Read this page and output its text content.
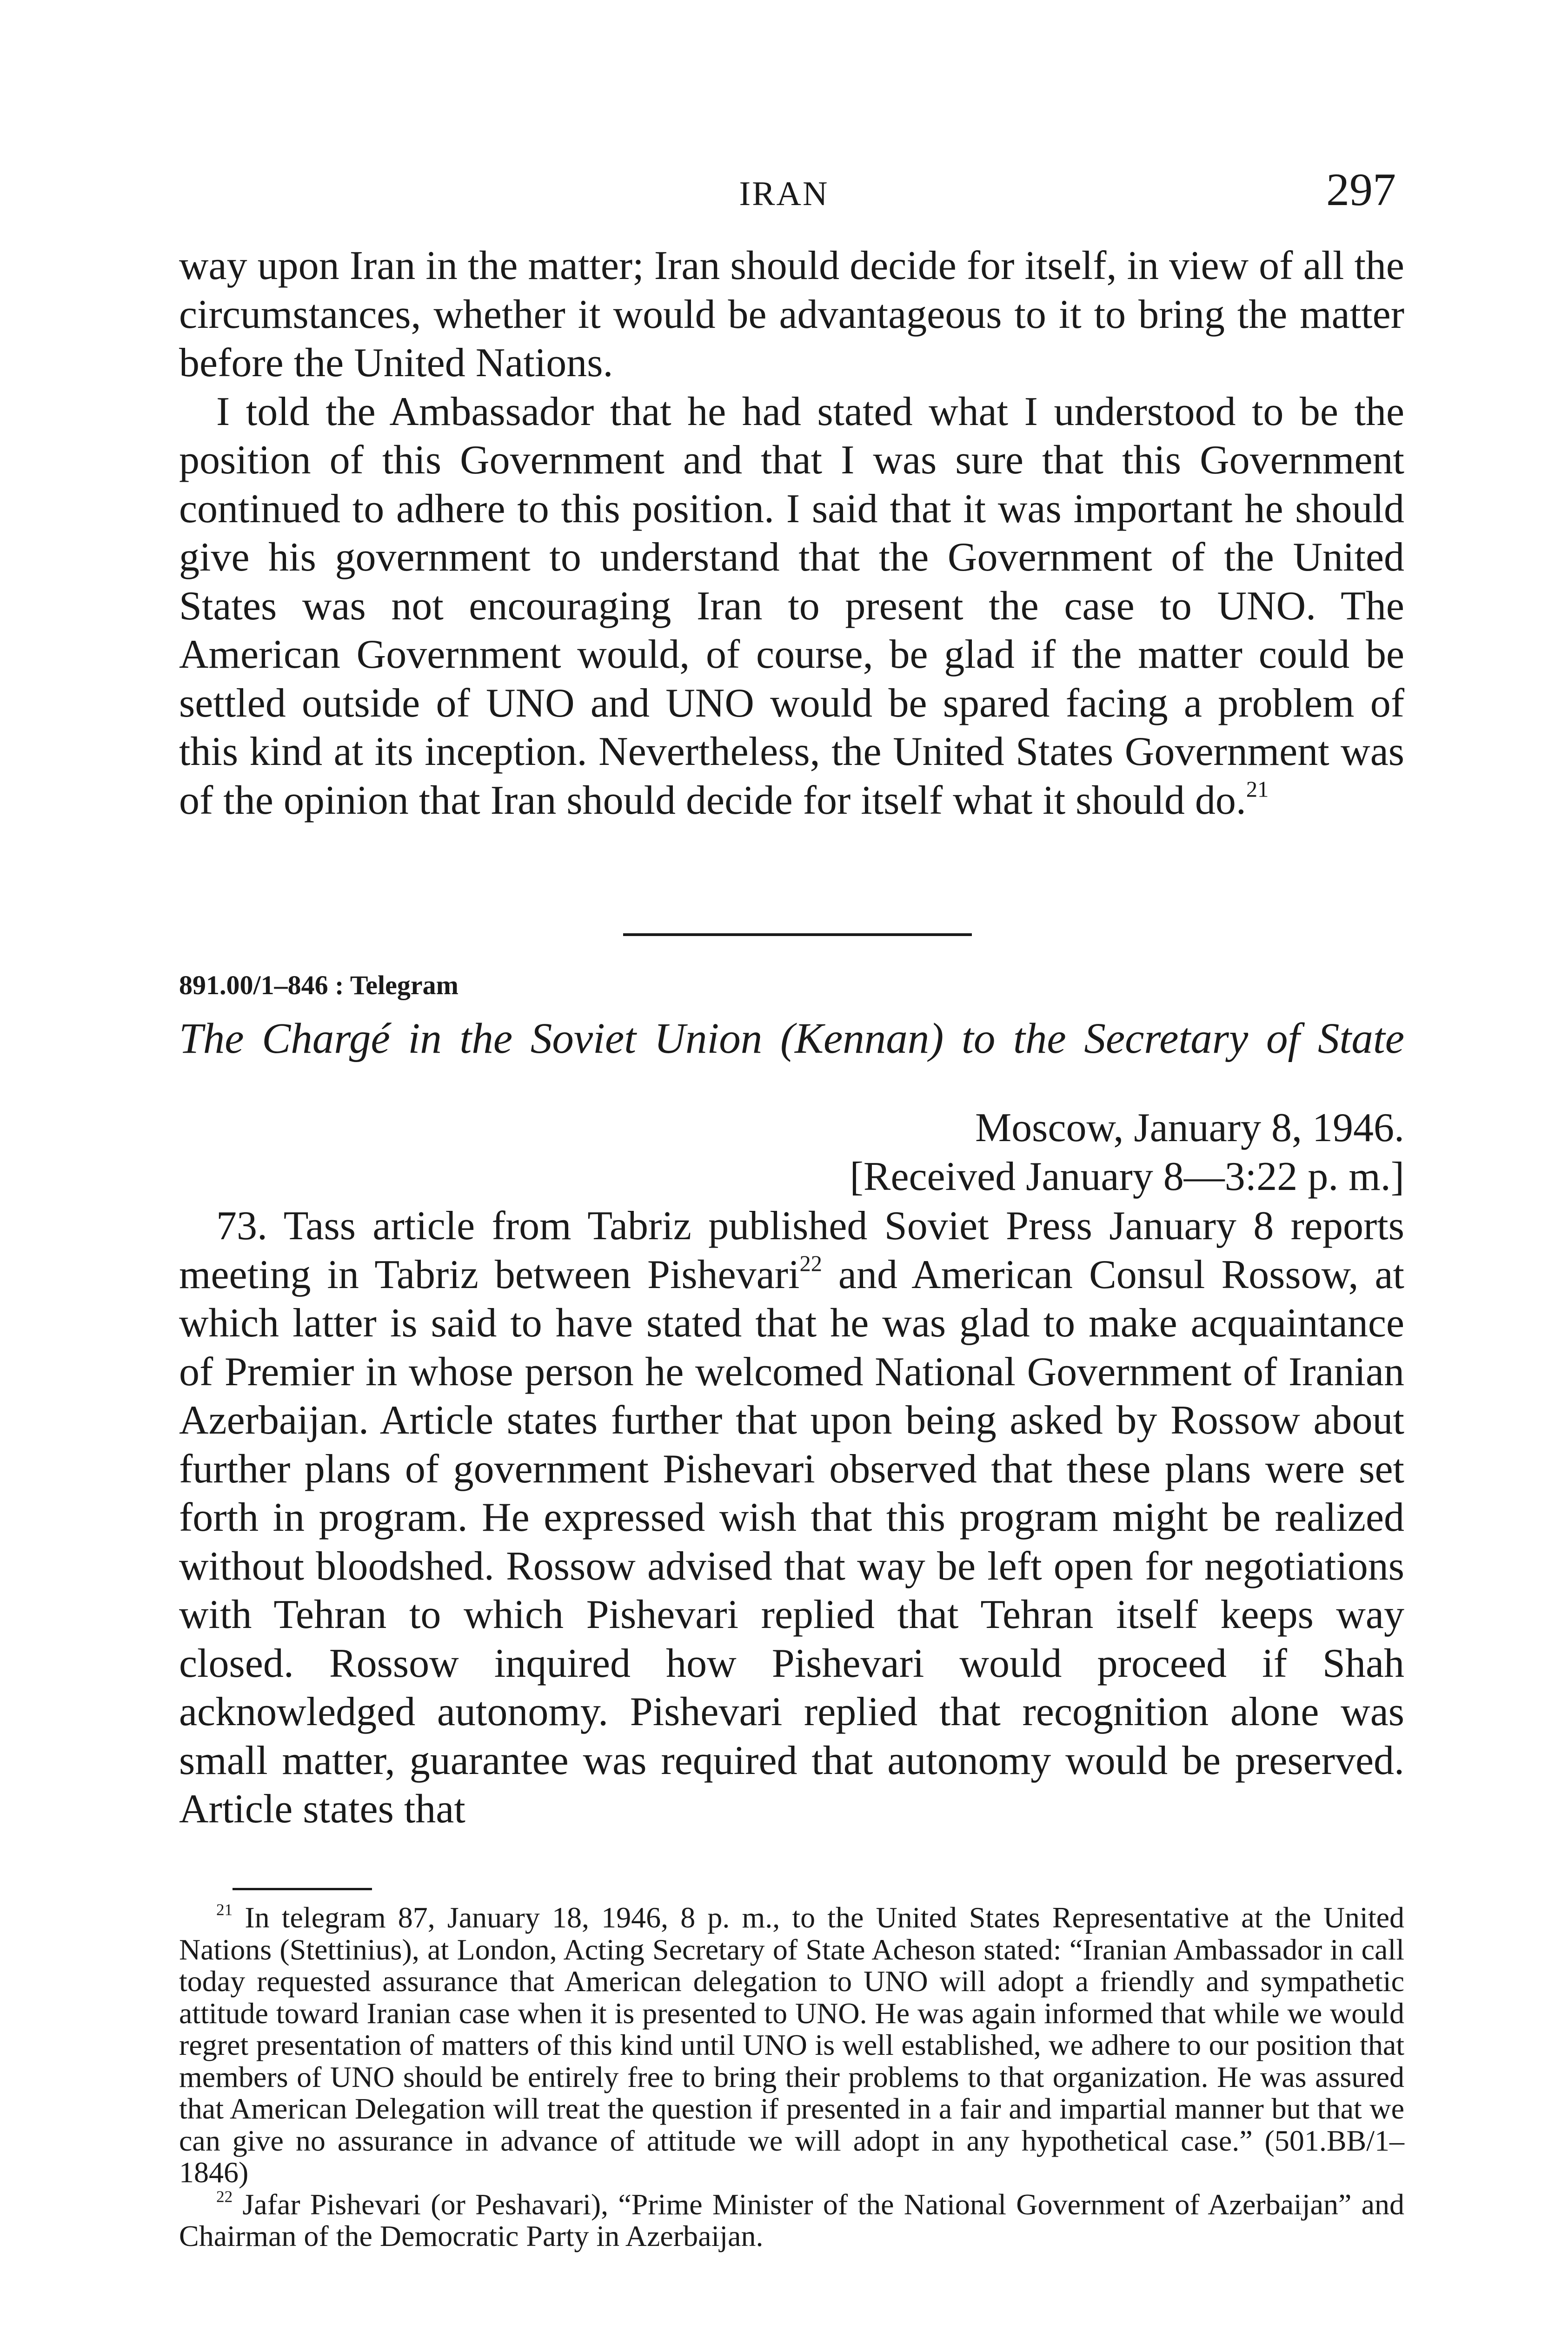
IRAN	297

way upon Iran in the matter; Iran should decide for itself, in view of all the circumstances, whether it would be advantageous to it to bring the matter before the United Nations.

I told the Ambassador that he had stated what I understood to be the position of this Government and that I was sure that this Government continued to adhere to this position. I said that it was important he should give his government to understand that the Government of the United States was not encouraging Iran to present the case to UNO. The American Government would, of course, be glad if the matter could be settled outside of UNO and UNO would be spared facing a problem of this kind at its inception. Nevertheless, the United States Government was of the opinion that Iran should decide for itself what it should do.$^{21}$

891.00/1–846 : Telegram
The Chargé in the Soviet Union (Kennan) to the Secretary of State
Moscow, January 8, 1946.
[Received January 8—3:22 p. m.]

73. Tass article from Tabriz published Soviet Press January 8 reports meeting in Tabriz between Pishevari$^{22}$ and American Consul Rossow, at which latter is said to have stated that he was glad to make acquaintance of Premier in whose person he welcomed National Government of Iranian Azerbaijan. Article states further that upon being asked by Rossow about further plans of government Pishevari observed that these plans were set forth in program. He expressed wish that this program might be realized without bloodshed. Rossow advised that way be left open for negotiations with Tehran to which Pishevari replied that Tehran itself keeps way closed. Rossow inquired how Pishevari would proceed if Shah acknowledged autonomy. Pishevari replied that recognition alone was small matter, guarantee was required that autonomy would be preserved. Article states that

$^{21}$ In telegram 87, January 18, 1946, 8 p. m., to the United States Representative at the United Nations (Stettinius), at London, Acting Secretary of State Acheson stated: “Iranian Ambassador in call today requested assurance that American delegation to UNO will adopt a friendly and sympathetic attitude toward Iranian case when it is presented to UNO. He was again informed that while we would regret presentation of matters of this kind until UNO is well established, we adhere to our position that members of UNO should be entirely free to bring their problems to that organization. He was assured that American Delegation will treat the question if presented in a fair and impartial manner but that we can give no assurance in advance of attitude we will adopt in any hypothetical case.” (501.BB/1–1846)

$^{22}$ Jafar Pishevari (or Peshavari), “Prime Minister of the National Government of Azerbaijan” and Chairman of the Democratic Party in Azerbaijan.
